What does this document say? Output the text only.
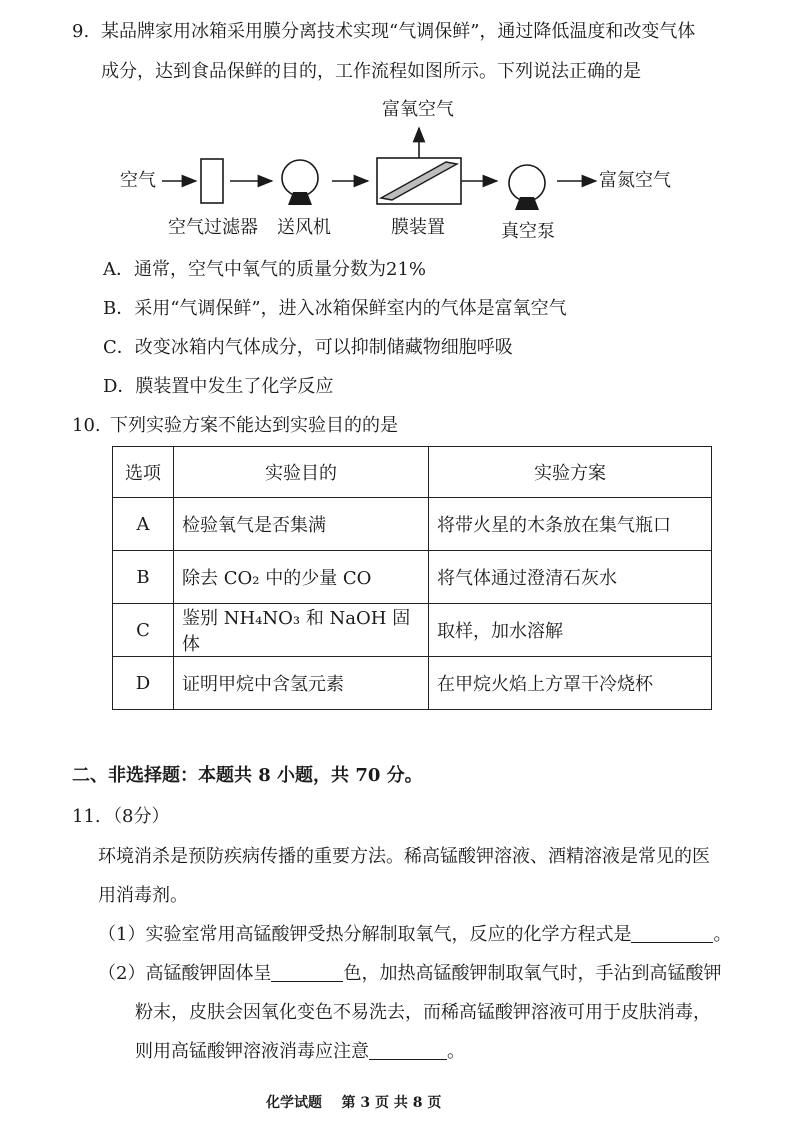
9. 某品牌家用冰箱采用膜分离技术实现“气调保鲜”，通过降低温度和改变气体
成分，达到食品保鲜的目的，工作流程如图所示。下列说法正确的是
富氧空气
空气	富氮空气
空气过滤器 送风机	膜装置	真空泵
A．通常，空气中氧气的质量分数为21%
B．采用“气调保鲜”，进入冰箱保鲜室内的气体是富氧空气
C．改变冰箱内气体成分，可以抑制储藏物细胞呼吸
D．膜装置中发生了化学反应
10. 下列实验方案不能达到实验目的的是
选项	实验目的	实验方案
A	检验氧气是否集满	将带火星的木条放在集气瓶口
B	除去 CO₂ 中的少量 CO	将气体通过澄清石灰水
C	鉴别 NH₄NO₃ 和 NaOH 固体	取样，加水溶解
D	证明甲烷中含氢元素	在甲烷火焰上方罩干冷烧杯
二、非选择题：本题共 8 小题，共 70 分。
11. （8分）
环境消杀是预防疾病传播的重要方法。稀高锰酸钾溶液、酒精溶液是常见的医
用消毒剂。
（1）实验室常用高锰酸钾受热分解制取氧气，反应的化学方程式是	。
（2）高锰酸钾固体呈	色，加热高锰酸钾制取氧气时，手沾到高锰酸钾
粉末，皮肤会因氧化变色不易洗去，而稀高锰酸钾溶液可用于皮肤消毒，
则用高锰酸钾溶液消毒应注意	。
化学试题    第 3 页 共 8 页
